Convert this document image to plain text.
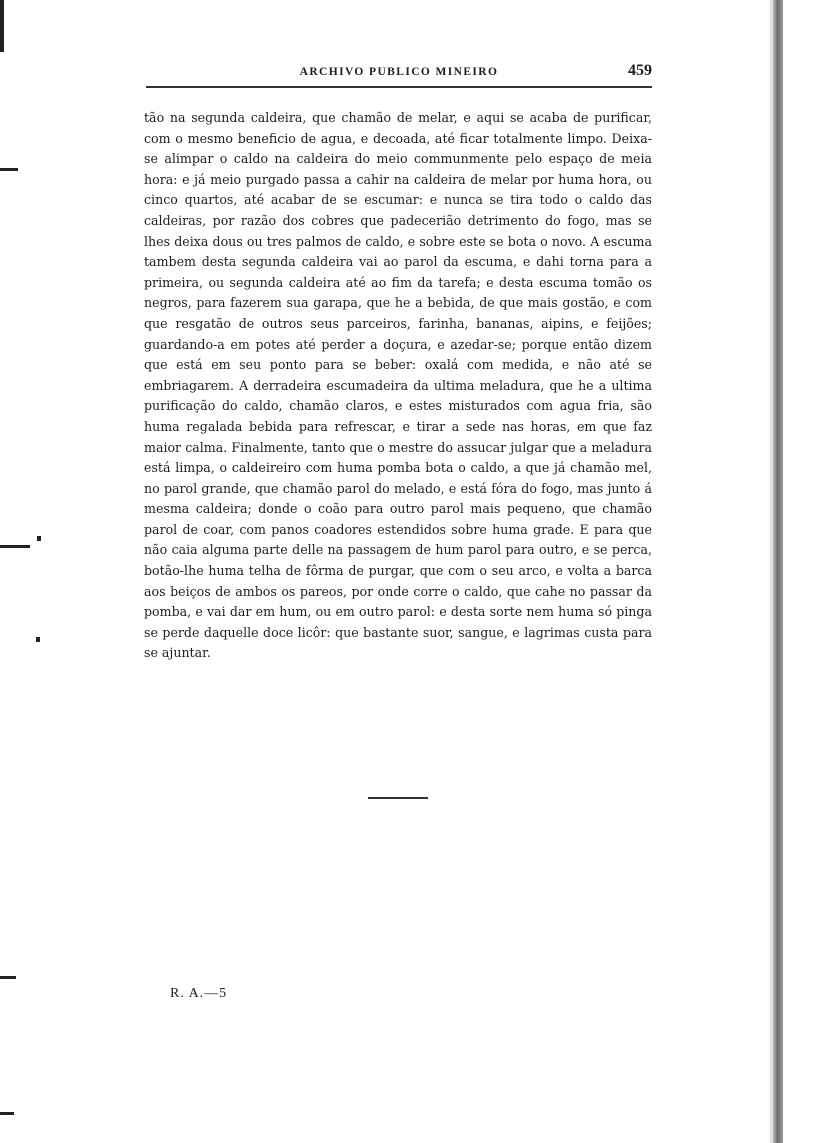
ARCHIVO PUBLICO MINEIRO	459

tão na segunda caldeira, que chamão de melar, e aqui se acaba de purificar, com o mesmo beneficio de agua, e decoada, até ficar totalmente limpo. Deixa-se alimpar o caldo na caldeira do meio communmente pelo espaço de meia hora: e já meio purgado passa a cahir na caldeira de melar por huma hora, ou cinco quartos, até acabar de se escumar: e nunca se tira todo o caldo das caldeiras, por razão dos cobres que padecerião detrimento do fogo, mas se lhes deixa dous ou tres palmos de caldo, e sobre este se bota o novo. A escuma tambem desta segunda caldeira vai ao parol da escuma, e dahi torna para a primeira, ou segunda caldeira até ao fim da tarefa; e desta escuma tomão os negros, para fazerem sua garapa, que he a bebida, de que mais gostão, e com que resgatão de outros seus parceiros, farinha, bananas, aipins, e feijões; guardando-a em potes até perder a doçura, e azedar-se; porque então dizem que está em seu ponto para se beber: oxalá com medida, e não até se embriagarem. A derradeira escumadeira da ultima meladura, que he a ultima purificação do caldo, chamão claros, e estes misturados com agua fria, são huma regalada bebida para refrescar, e tirar a sede nas horas, em que faz maior calma. Finalmente, tanto que o mestre do assucar julgar que a meladura está limpa, o caldeireiro com huma pomba bota o caldo, a que já chamão mel, no parol grande, que chamão parol do melado, e está fóra do fogo, mas junto á mesma caldeira; donde o coão para outro parol mais pequeno, que chamão parol de coar, com panos coadores estendidos sobre huma grade. E para que não caia alguma parte delle na passagem de hum parol para outro, e se perca, botão-lhe huma telha de fôrma de purgar, que com o seu arco, e volta a barca aos beiços de ambos os pareos, por onde corre o caldo, que cahe no passar da pomba, e vai dar em hum, ou em outro parol: e desta sorte nem huma só pinga se perde daquelle doce licôr: que bastante suor, sangue, e lagrimas custa para se ajuntar.

R. A.—5
